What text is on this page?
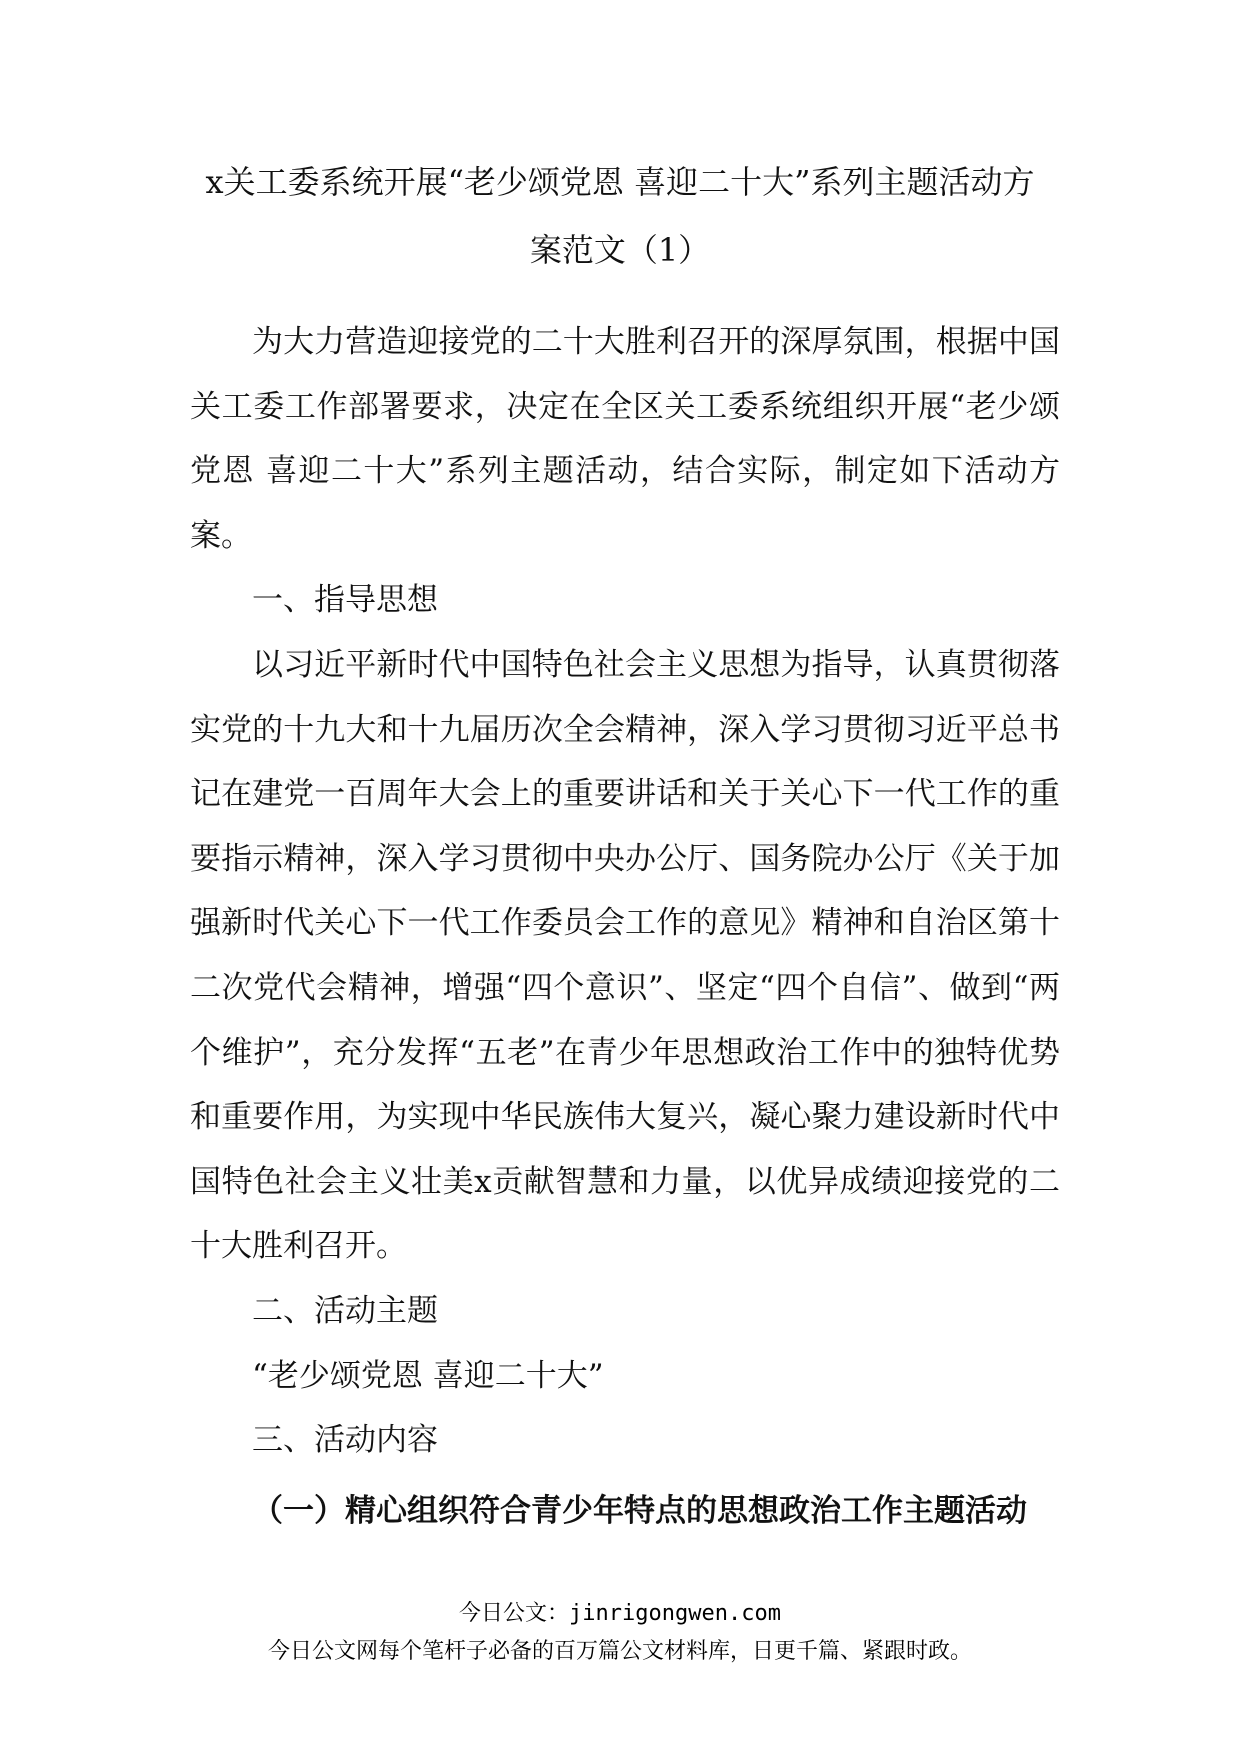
x关工委系统开展“老少颂党恩 喜迎二十大”系列主题活动方
案范文（1）

为大力营造迎接党的二十大胜利召开的深厚氛围，根据中国关工委工作部署要求，决定在全区关工委系统组织开展“老少颂党恩 喜迎二十大”系列主题活动，结合实际，制定如下活动方案。

一、指导思想

以习近平新时代中国特色社会主义思想为指导，认真贯彻落实党的十九大和十九届历次全会精神，深入学习贯彻习近平总书记在建党一百周年大会上的重要讲话和关于关心下一代工作的重要指示精神，深入学习贯彻中央办公厅、国务院办公厅《关于加强新时代关心下一代工作委员会工作的意见》精神和自治区第十二次党代会精神，增强“四个意识”、坚定“四个自信”、做到“两个维护”，充分发挥“五老”在青少年思想政治工作中的独特优势和重要作用，为实现中华民族伟大复兴，凝心聚力建设新时代中国特色社会主义壮美x贡献智慧和力量，以优异成绩迎接党的二十大胜利召开。

二、活动主题

“老少颂党恩 喜迎二十大”

三、活动内容

（一）精心组织符合青少年特点的思想政治工作主题活动

今日公文：jinrigongwen.com
今日公文网每个笔杆子必备的百万篇公文材料库，日更千篇、紧跟时政。
